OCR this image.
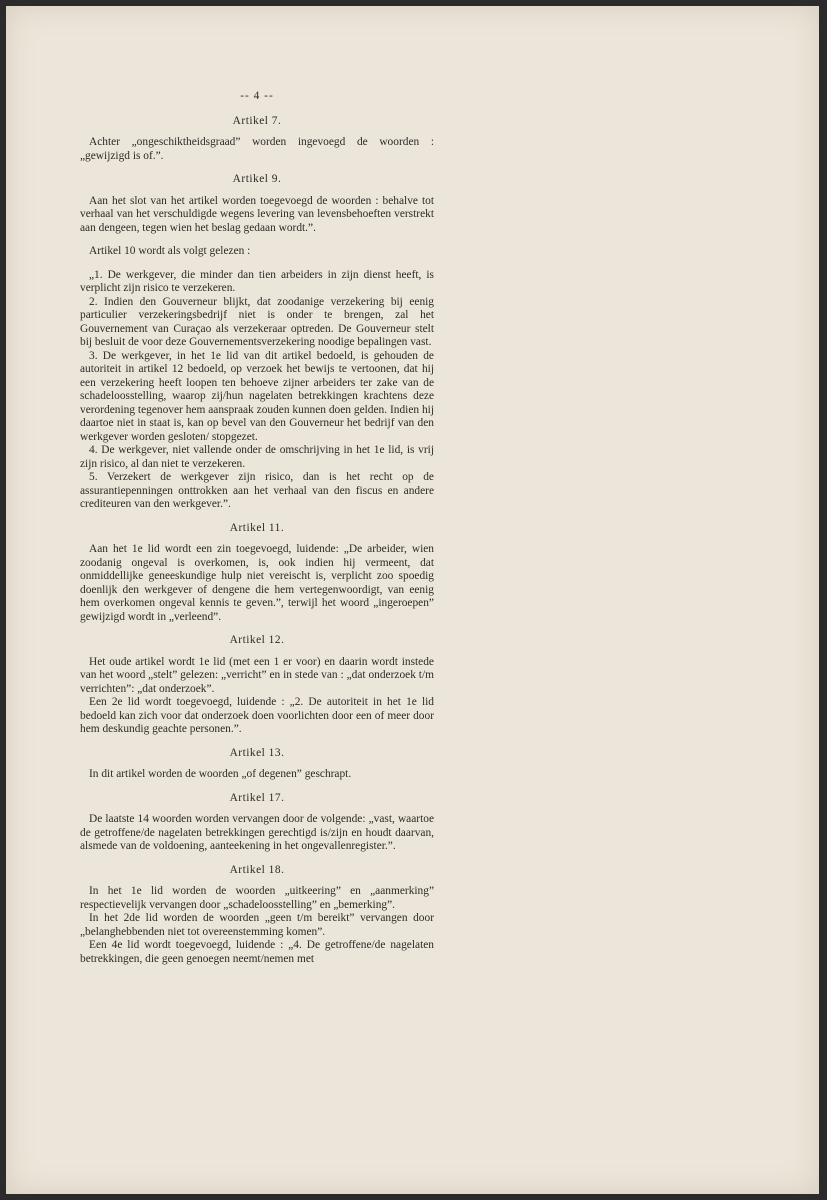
-- 4 --
Artikel 7.

Achter „ongeschiktheidsgraad” worden ingevoegd de woorden : „gewijzigd is of.”.

Artikel 9.

Aan het slot van het artikel worden toegevoegd de woorden : behalve tot verhaal van het verschuldigde wegens levering van levensbehoeften verstrekt aan dengeen, tegen wien het beslag gedaan wordt.”.

Artikel 10 wordt als volgt gelezen :

„1. De werkgever, die minder dan tien arbeiders in zijn dienst heeft, is verplicht zijn risico te verzekeren.

2. Indien den Gouverneur blijkt, dat zoodanige verzekering bij eenig particulier verzekeringsbedrijf niet is onder te brengen, zal het Gouvernement van Curaçao als verzekeraar optreden. De Gouverneur stelt bij besluit de voor deze Gouvernementsverzekering noodige bepalingen vast.

3. De werkgever, in het 1e lid van dit artikel bedoeld, is gehouden de autoriteit in artikel 12 bedoeld, op verzoek het bewijs te vertoonen, dat hij een verzekering heeft loopen ten behoeve zijner arbeiders ter zake van de schadeloosstelling, waarop zij/hun nagelaten betrekkingen krachtens deze verordening tegenover hem aanspraak zouden kunnen doen gelden. Indien hij daartoe niet in staat is, kan op bevel van den Gouverneur het bedrijf van den werkgever worden gesloten/ stopgezet.

4. De werkgever, niet vallende onder de omschrijving in het 1e lid, is vrij zijn risico, al dan niet te verzekeren.

5. Verzekert de werkgever zijn risico, dan is het recht op de assurantiepenningen onttrokken aan het verhaal van den fiscus en andere crediteuren van den werkgever.”.

Artikel 11.

Aan het 1e lid wordt een zin toegevoegd, luidende: „De arbeider, wien zoodanig ongeval is overkomen, is, ook indien hij vermeent, dat onmiddellijke geneeskundige hulp niet vereischt is, verplicht zoo spoedig doenlijk den werkgever of dengene die hem vertegenwoordigt, van eenig hem overkomen ongeval kennis te geven.”, terwijl het woord „ingeroepen” gewijzigd wordt in „verleend”.

Artikel 12.

Het oude artikel wordt 1e lid (met een 1 er voor) en daarin wordt instede van het woord „stelt” gelezen: „verricht” en in stede van : „dat onderzoek t/m verrichten”: „dat onderzoek”.

Een 2e lid wordt toegevoegd, luidende : „2. De autoriteit in het 1e lid bedoeld kan zich voor dat onderzoek doen voorlichten door een of meer door hem deskundig geachte personen.”.

Artikel 13.

In dit artikel worden de woorden „of degenen” geschrapt.

Artikel 17.

De laatste 14 woorden worden vervangen door de volgende: „vast, waartoe de getroffene/de nagelaten betrekkingen gerechtigd is/zijn en houdt daarvan, alsmede van de voldoening, aanteekening in het ongevallenregister.”.

Artikel 18.

In het 1e lid worden de woorden „uitkeering” en „aanmerking” respectievelijk vervangen door „schadeloosstelling” en „bemerking”.

In het 2de lid worden de woorden „geen t/m bereikt” vervangen door „belanghebbenden niet tot overeenstemming komen”.

Een 4e lid wordt toegevoegd, luidende : „4. De getroffene/de nagelaten betrekkingen, die geen genoegen neemt/nemen met
